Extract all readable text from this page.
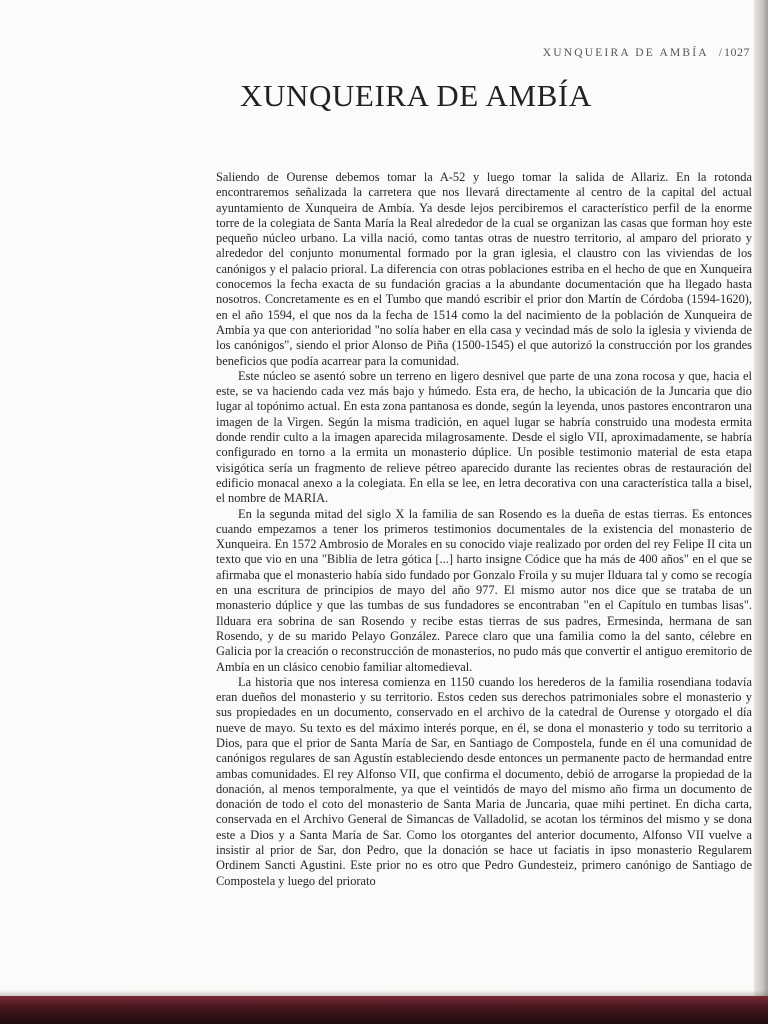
XUNQUEIRA DE AMBÍA / 1027
XUNQUEIRA DE AMBÍA

Saliendo de Ourense debemos tomar la A-52 y luego tomar la salida de Allariz. En la rotonda encontraremos señalizada la carretera que nos llevará directamente al centro de la capital del actual ayuntamiento de Xunqueira de Ambía. Ya desde lejos percibiremos el característico perfil de la enorme torre de la colegiata de Santa María la Real alrededor de la cual se organizan las casas que forman hoy este pequeño núcleo urbano. La villa nació, como tantas otras de nuestro territorio, al amparo del priorato y alrededor del conjunto monumental formado por la gran iglesia, el claustro con las viviendas de los canónigos y el palacio prioral. La diferencia con otras poblaciones estriba en el hecho de que en Xunqueira conocemos la fecha exacta de su fundación gracias a la abundante documentación que ha llegado hasta nosotros. Concretamente es en el Tumbo que mandó escribir el prior don Martín de Córdoba (1594-1620), en el año 1594, el que nos da la fecha de 1514 como la del nacimiento de la población de Xunqueira de Ambía ya que con anterioridad "no solía haber en ella casa y vecindad más de solo la iglesia y vivienda de los canónigos", siendo el prior Alonso de Piña (1500-1545) el que autorizó la construcción por los grandes beneficios que podía acarrear para la comunidad.

Este núcleo se asentó sobre un terreno en ligero desnivel que parte de una zona rocosa y que, hacia el este, se va haciendo cada vez más bajo y húmedo. Esta era, de hecho, la ubicación de la Juncaria que dio lugar al topónimo actual. En esta zona pantanosa es donde, según la leyenda, unos pastores encontraron una imagen de la Virgen. Según la misma tradición, en aquel lugar se habría construido una modesta ermita donde rendir culto a la imagen aparecida milagrosamente. Desde el siglo VII, aproximadamente, se habría configurado en torno a la ermita un monasterio dúplice. Un posible testimonio material de esta etapa visigótica sería un fragmento de relieve pétreo aparecido durante las recientes obras de restauración del edificio monacal anexo a la colegiata. En ella se lee, en letra decorativa con una característica talla a bisel, el nombre de MARIA.

En la segunda mitad del siglo X la familia de san Rosendo es la dueña de estas tierras. Es entonces cuando empezamos a tener los primeros testimonios documentales de la existencia del monasterio de Xunqueira. En 1572 Ambrosio de Morales en su conocido viaje realizado por orden del rey Felipe II cita un texto que vio en una "Biblia de letra gótica [...] harto insigne Códice que ha más de 400 años" en el que se afirmaba que el monasterio había sido fundado por Gonzalo Froila y su mujer Ilduara tal y como se recogía en una escritura de principios de mayo del año 977. El mismo autor nos dice que se trataba de un monasterio dúplice y que las tumbas de sus fundadores se encontraban "en el Capítulo en tumbas lisas". Ilduara era sobrina de san Rosendo y recibe estas tierras de sus padres, Ermesinda, hermana de san Rosendo, y de su marido Pelayo González. Parece claro que una familia como la del santo, célebre en Galicia por la creación o reconstrucción de monasterios, no pudo más que convertir el antiguo eremitorio de Ambía en un clásico cenobio familiar altomedieval.

La historia que nos interesa comienza en 1150 cuando los herederos de la familia rosendiana todavía eran dueños del monasterio y su territorio. Estos ceden sus derechos patrimoniales sobre el monasterio y sus propiedades en un documento, conservado en el archivo de la catedral de Ourense y otorgado el día nueve de mayo. Su texto es del máximo interés porque, en él, se dona el monasterio y todo su territorio a Dios, para que el prior de Santa María de Sar, en Santiago de Compostela, funde en él una comunidad de canónigos regulares de san Agustín estableciendo desde entonces un permanente pacto de hermandad entre ambas comunidades. El rey Alfonso VII, que confirma el documento, debió de arrogarse la propiedad de la donación, al menos temporalmente, ya que el veintidós de mayo del mismo año firma un documento de donación de todo el coto del monasterio de Santa Maria de Juncaria, quae mihi pertinet. En dicha carta, conservada en el Archivo General de Simancas de Valladolid, se acotan los términos del mismo y se dona este a Dios y a Santa María de Sar. Como los otorgantes del anterior documento, Alfonso VII vuelve a insistir al prior de Sar, don Pedro, que la donación se hace ut faciatis in ipso monasterio Regularem Ordinem Sancti Agustini. Este prior no es otro que Pedro Gundesteiz, primero canónigo de Santiago de Compostela y luego del priorato
